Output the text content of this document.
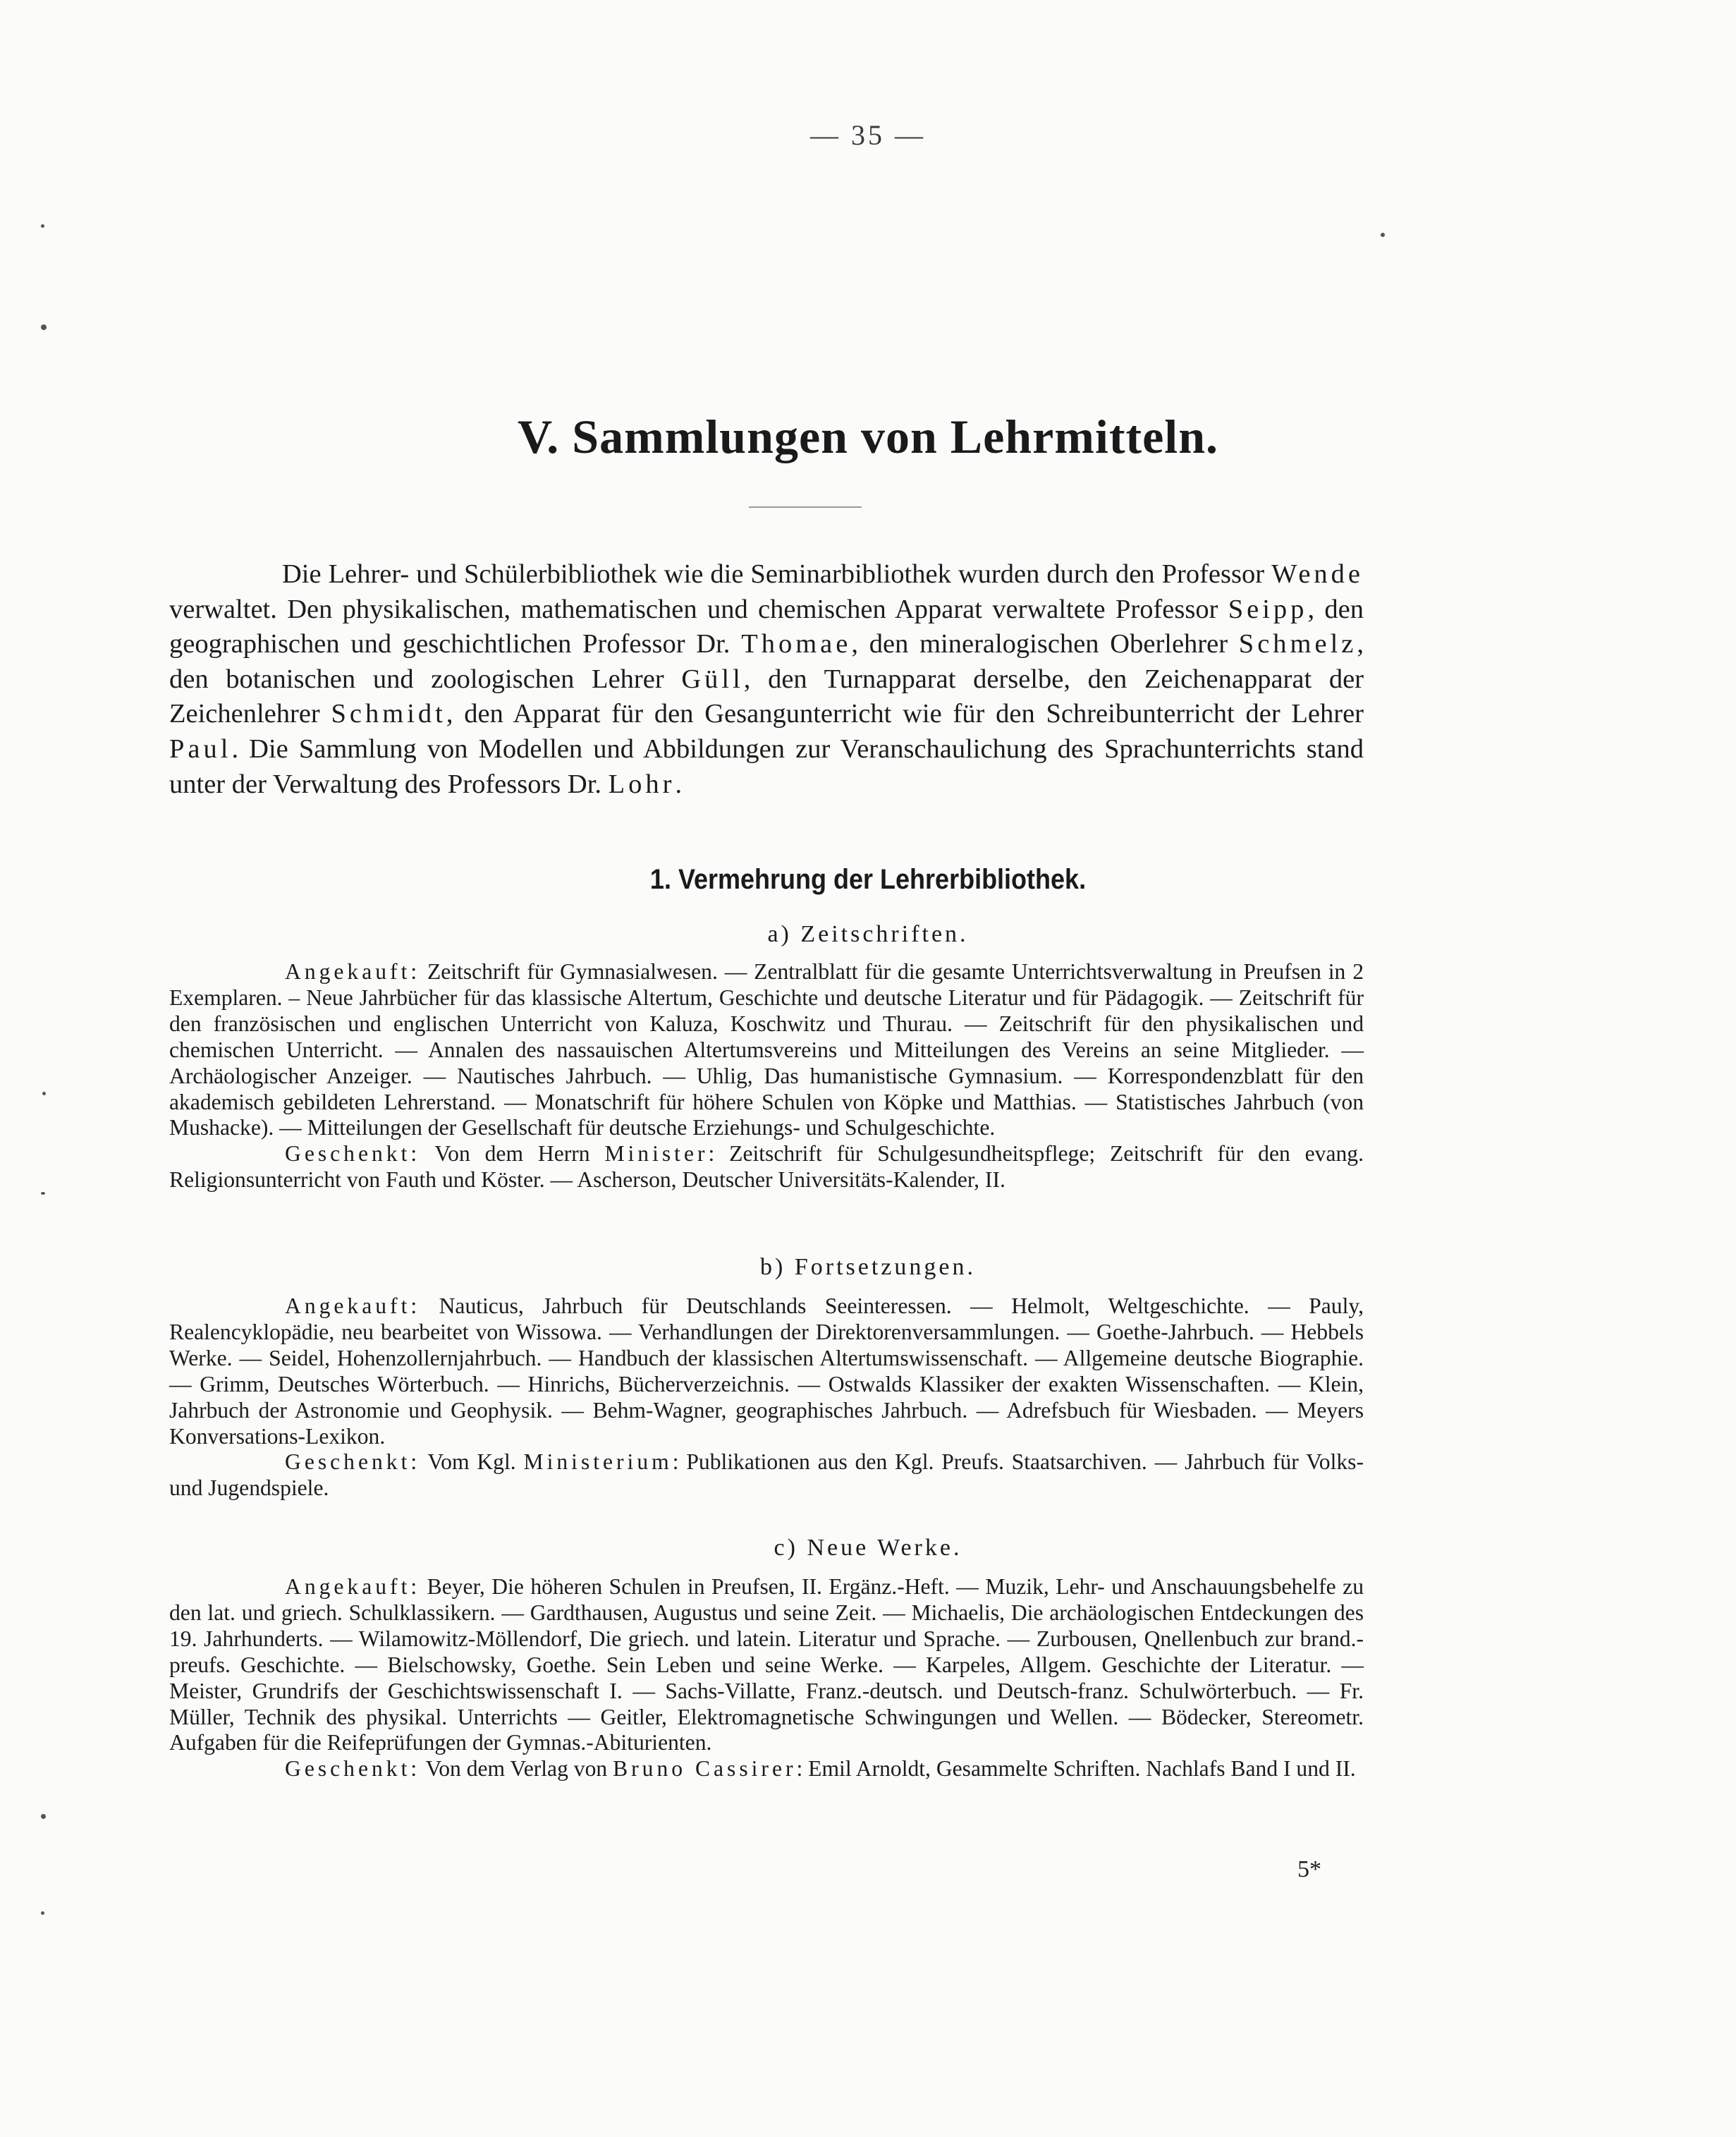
— 35 —
V. Sammlungen von Lehrmitteln.

Die Lehrer- und Schülerbibliothek wie die Seminarbibliothek wurden durch den Professor Wende verwaltet. Den physikalischen, mathematischen und chemischen Apparat verwaltete Professor Seipp, den geographischen und geschichtlichen Professor Dr. Thomae, den mineralogischen Oberlehrer Schmelz, den botanischen und zoologischen Lehrer Güll, den Turnapparat derselbe, den Zeichenapparat der Zeichenlehrer Schmidt, den Apparat für den Gesangunterricht wie für den Schreibunterricht der Lehrer Paul. Die Sammlung von Modellen und Abbildungen zur Veranschaulichung des Sprachunterrichts stand unter der Verwaltung des Professors Dr. Lohr.

1. Vermehrung der Lehrerbibliothek.
a) Zeitschriften.

Angekauft: Zeitschrift für Gymnasialwesen. — Zentralblatt für die gesamte Unterrichtsverwaltung in Preufsen in 2 Exemplaren. – Neue Jahrbücher für das klassische Altertum, Geschichte und deutsche Literatur und für Pädagogik. — Zeitschrift für den französischen und englischen Unterricht von Kaluza, Koschwitz und Thurau. — Zeitschrift für den physikalischen und chemischen Unterricht. — Annalen des nassauischen Altertumsvereins und Mitteilungen des Vereins an seine Mitglieder. — Archäologischer Anzeiger. — Nautisches Jahrbuch. — Uhlig, Das humanistische Gymnasium. — Korrespondenzblatt für den akademisch gebildeten Lehrerstand. — Monatschrift für höhere Schulen von Köpke und Matthias. — Statistisches Jahrbuch (von Mushacke). — Mitteilungen der Gesellschaft für deutsche Erziehungs- und Schulgeschichte.

Geschenkt: Von dem Herrn Minister: Zeitschrift für Schulgesundheitspflege; Zeitschrift für den evang. Religionsunterricht von Fauth und Köster. — Ascherson, Deutscher Universitäts-Kalender, II.

b) Fortsetzungen.

Angekauft: Nauticus, Jahrbuch für Deutschlands Seeinteressen. — Helmolt, Weltgeschichte. — Pauly, Realencyklopädie, neu bearbeitet von Wissowa. — Verhandlungen der Direktorenversammlungen. — Goethe-Jahrbuch. — Hebbels Werke. — Seidel, Hohenzollernjahrbuch. — Handbuch der klassischen Altertumswissenschaft. — Allgemeine deutsche Biographie. — Grimm, Deutsches Wörterbuch. — Hinrichs, Bücherverzeichnis. — Ostwalds Klassiker der exakten Wissenschaften. — Klein, Jahrbuch der Astronomie und Geophysik. — Behm-Wagner, geographisches Jahrbuch. — Adrefsbuch für Wiesbaden. — Meyers Konversations-Lexikon.

Geschenkt: Vom Kgl. Ministerium: Publikationen aus den Kgl. Preufs. Staatsarchiven. — Jahrbuch für Volks- und Jugendspiele.

c) Neue Werke.

Angekauft: Beyer, Die höheren Schulen in Preufsen, II. Ergänz.-Heft. — Muzik, Lehr- und Anschauungsbehelfe zu den lat. und griech. Schulklassikern. — Gardthausen, Augustus und seine Zeit. — Michaelis, Die archäologischen Entdeckungen des 19. Jahrhunderts. — Wilamowitz-Möllendorf, Die griech. und latein. Literatur und Sprache. — Zurbousen, Qnellenbuch zur brand.-preufs. Geschichte. — Bielschowsky, Goethe. Sein Leben und seine Werke. — Karpeles, Allgem. Geschichte der Literatur. — Meister, Grundrifs der Geschichtswissenschaft I. — Sachs-Villatte, Franz.-deutsch. und Deutsch-franz. Schulwörterbuch. — Fr. Müller, Technik des physikal. Unterrichts — Geitler, Elektromagnetische Schwingungen und Wellen. — Bödecker, Stereometr. Aufgaben für die Reifeprüfungen der Gymnas.-Abiturienten.

Geschenkt: Von dem Verlag von Bruno Cassirer: Emil Arnoldt, Gesammelte Schriften. Nachlafs Band I und II.

5*
